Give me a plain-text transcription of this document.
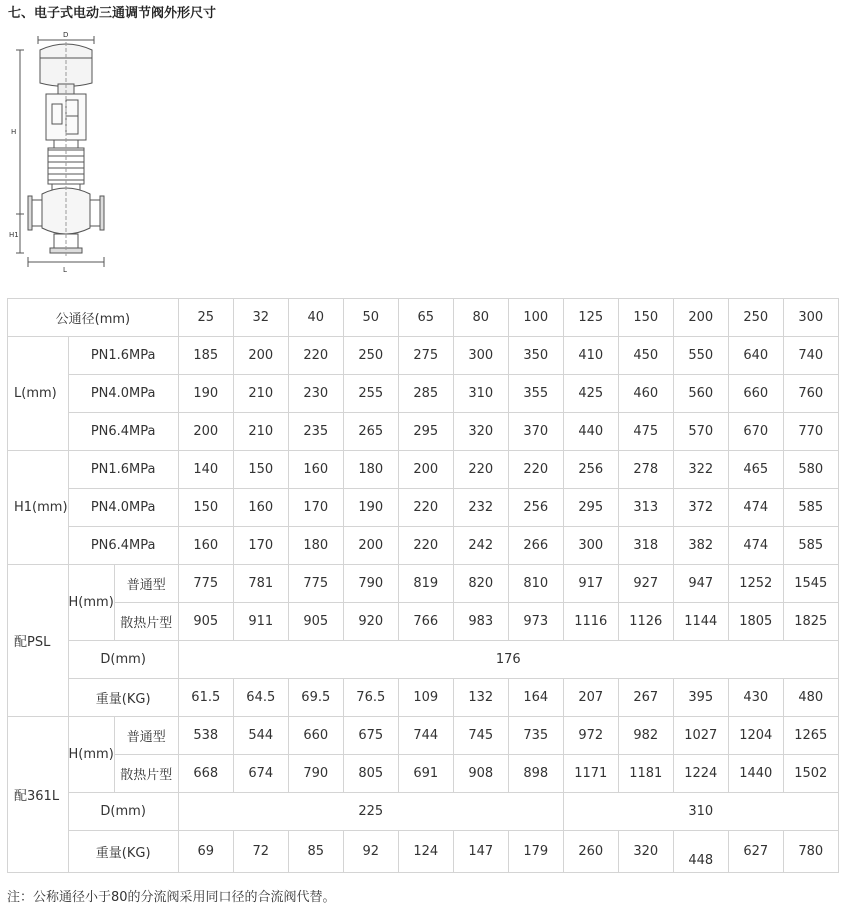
七、电子式电动三通调节阀外形尺寸
D
H
H1
L
公通径(mm)			25	32	40	50	65	80	100	125	150	200	250	300
L(mm)	PN1.6MPa		185	200	220	250	275	300	350	410	450	550	640	740
	PN4.0MPa		190	210	230	255	285	310	355	425	460	560	660	760
	PN6.4MPa		200	210	235	265	295	320	370	440	475	570	670	770
H1(mm)	PN1.6MPa		140	150	160	180	200	220	220	256	278	322	465	580
	PN4.0MPa		150	160	170	190	220	232	256	295	313	372	474	585
	PN6.4MPa		160	170	180	200	220	242	266	300	318	382	474	585
配PSL	H(mm)	普通型	775	781	775	790	819	820	810	917	927	947	1252	1545
		散热片型	905	911	905	920	766	983	973	1116	1126	1144	1805	1825
	D(mm)		176											
	重量(KG)		61.5	64.5	69.5	76.5	109	132	164	207	267	395	430	480
配361L	H(mm)	普通型	538	544	660	675	744	745	735	972	982	1027	1204	1265
		散热片型	668	674	790	805	691	908	898	1171	1181	1224	1440	1502
	D(mm)		225							310				
	重量(KG)		69	72	85	92	124	147	179	260	320	448	627	780
注：公称通径小于80的分流阀采用同口径的合流阀代替。
